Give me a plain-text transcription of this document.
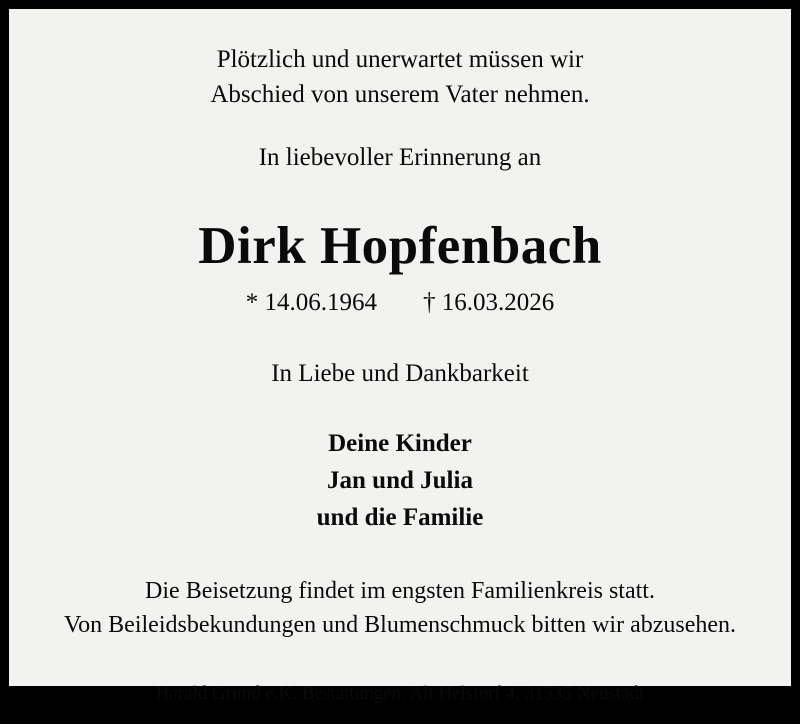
Plötzlich und unerwartet müssen wir
Abschied von unserem Vater nehmen.
In liebevoller Erinnerung an
Dirk Hopfenbach
* 14.06.1964 † 16.03.2026
In Liebe und Dankbarkeit
Deine Kinder
Jan und Julia
und die Familie
Die Beisetzung findet im engsten Familienkreis statt.
Von Beileidsbekundungen und Blumenschmuck bitten wir abzusehen.
Harald Grund e.K. Bestattungen, Alt Helstorf 4, 31535 Neustadt
